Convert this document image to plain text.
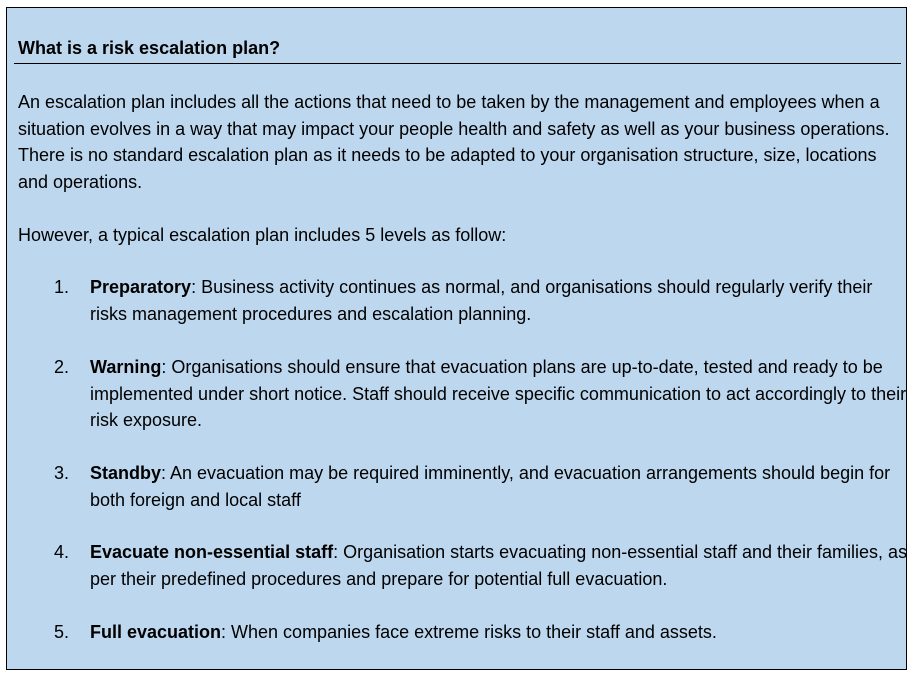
What is a risk escalation plan?

An escalation plan includes all the actions that need to be taken by the management and employees when a situation evolves in a way that may impact your people health and safety as well as your business operations. There is no standard escalation plan as it needs to be adapted to your organisation structure, size, locations and operations.

However, a typical escalation plan includes 5 levels as follow:

1. Preparatory: Business activity continues as normal, and organisations should regularly verify their risks management procedures and escalation planning.
2. Warning: Organisations should ensure that evacuation plans are up-to-date, tested and ready to be implemented under short notice. Staff should receive specific communication to act accordingly to their risk exposure.
3. Standby: An evacuation may be required imminently, and evacuation arrangements should begin for both foreign and local staff
4. Evacuate non-essential staff: Organisation starts evacuating non-essential staff and their families, as per their predefined procedures and prepare for potential full evacuation.
5. Full evacuation: When companies face extreme risks to their staff and assets.
